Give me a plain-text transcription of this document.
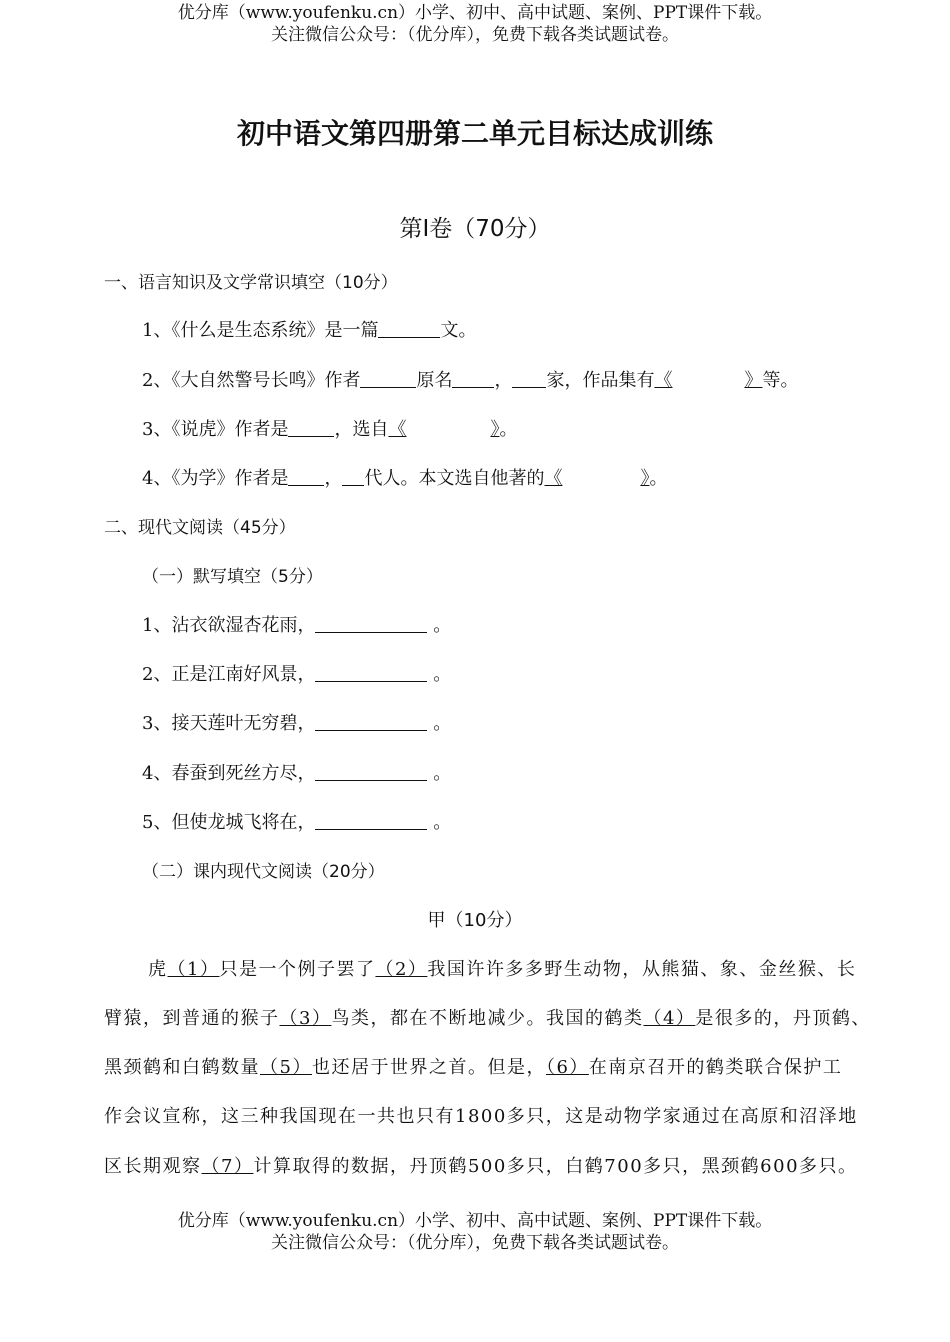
优分库（www.youfenku.cn）小学、初中、高中试题、案例、PPT课件下载。
关注微信公众号：（优分库），免费下载各类试题试卷。
初中语文第四册第二单元目标达成训练
第Ⅰ卷（70分）
一、语言知识及文学常识填空（10分）
1、《什么是生态系统》是一篇	文。
2、《大自然警号长鸣》作者	原名 ， 家，作品集有《	》等。
3、《说虎》作者是	，选自《	》。
4、《为学》作者是 ， 代人。本文选自他著的《	》。
二、现代文阅读（45分）
（一）默写填空（5分）
1、沾衣欲湿杏花雨，	。
2、正是江南好风景，	。
3、接天莲叶无穷碧，	。
4、春蚕到死丝方尽，	。
5、但使龙城飞将在，	。
（二）课内现代文阅读（20分）
甲（10分）
虎（1）只是一个例子罢了（2）我国许许多多野生动物，从熊猫、象、金丝猴、长
臂猿，到普通的猴子（3）鸟类，都在不断地减少。我国的鹤类（4）是很多的，丹顶鹤、
黑颈鹤和白鹤数量（5）也还居于世界之首。但是，（6）在南京召开的鹤类联合保护工
作会议宣称，这三种我国现在一共也只有1800多只，这是动物学家通过在高原和沼泽地
区长期观察（7）计算取得的数据，丹顶鹤500多只，白鹤700多只，黑颈鹤600多只。
优分库（www.youfenku.cn）小学、初中、高中试题、案例、PPT课件下载。
关注微信公众号：（优分库），免费下载各类试题试卷。
